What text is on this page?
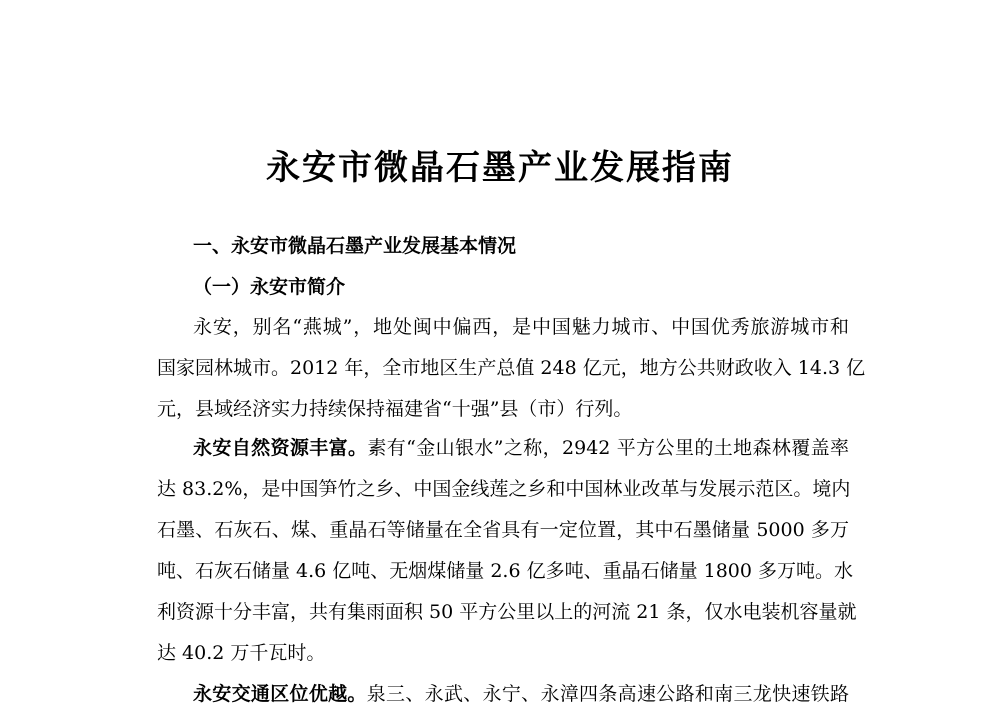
永安市微晶石墨产业发展指南
一、永安市微晶石墨产业发展基本情况
（一）永安市简介
永安，别名“燕城”，地处闽中偏西，是中国魅力城市、中国优秀旅游城市和
国家园林城市。2012 年，全市地区生产总值 248 亿元，地方公共财政收入 14.3 亿
元，县域经济实力持续保持福建省“十强”县（市）行列。
永安自然资源丰富。素有“金山银水”之称，2942 平方公里的土地森林覆盖率
达 83.2%，是中国笋竹之乡、中国金线莲之乡和中国林业改革与发展示范区。境内
石墨、石灰石、煤、重晶石等储量在全省具有一定位置，其中石墨储量 5000 多万
吨、石灰石储量 4.6 亿吨、无烟煤储量 2.6 亿多吨、重晶石储量 1800 多万吨。水
利资源十分丰富，共有集雨面积 50 平方公里以上的河流 21 条，仅水电装机容量就
达 40.2 万千瓦时。
永安交通区位优越。泉三、永武、永宁、永漳四条高速公路和南三龙快速铁路
